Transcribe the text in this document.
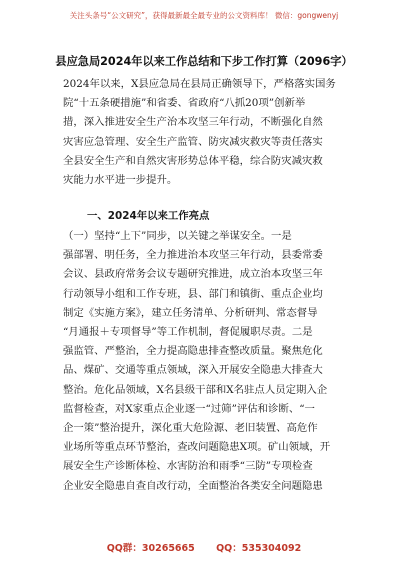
关注头条号“公文研究”，获得最新最全最专业的公文资料库！ 微信：gongwenyj
县应急局2024年以来工作总结和下步工作打算（2096字）
2024年以来，X县应急局在县局正确领导下，严格落实国务
院“十五条硬措施”和省委、省政府“八抓20项”创新举
措，深入推进安全生产治本攻坚三年行动，不断强化自然
灾害应急管理、安全生产监管、防灾减灾救灾等责任落实
全县安全生产和自然灾害形势总体平稳，综合防灾减灾救
灾能力水平进一步提升。
一、2024年以来工作亮点
（一）坚持“上下”同步，以关键之举谋安全。一是
强部署、明任务，全力推进治本攻坚三年行动，县委常委
会议、县政府常务会议专题研究推进，成立治本攻坚三年
行动领导小组和工作专班，县、部门和镇街、重点企业均
制定《实施方案》，建立任务清单、分析研判、常态督导
“月通报＋专项督导”等工作机制，督促履职尽责。二是
强监管、严整治，全力提高隐患排查整改质量。聚焦危化
品、煤矿、交通等重点领域，深入开展安全隐患大排查大
整治。危化品领域，X名县级干部和X名驻点人员定期入企
监督检查，对X家重点企业逐一“过筛”评估和诊断、“一
企一策”整治提升，深化重大危险源、老旧装置、高危作
业场所等重点环节整治，查改问题隐患X项。矿山领域，开
展安全生产诊断体检、水害防治和雨季“三防”专项检查
企业安全隐患自查自改行动，全面整治各类安全问题隐患
QQ群：30265665 QQ：535304092
